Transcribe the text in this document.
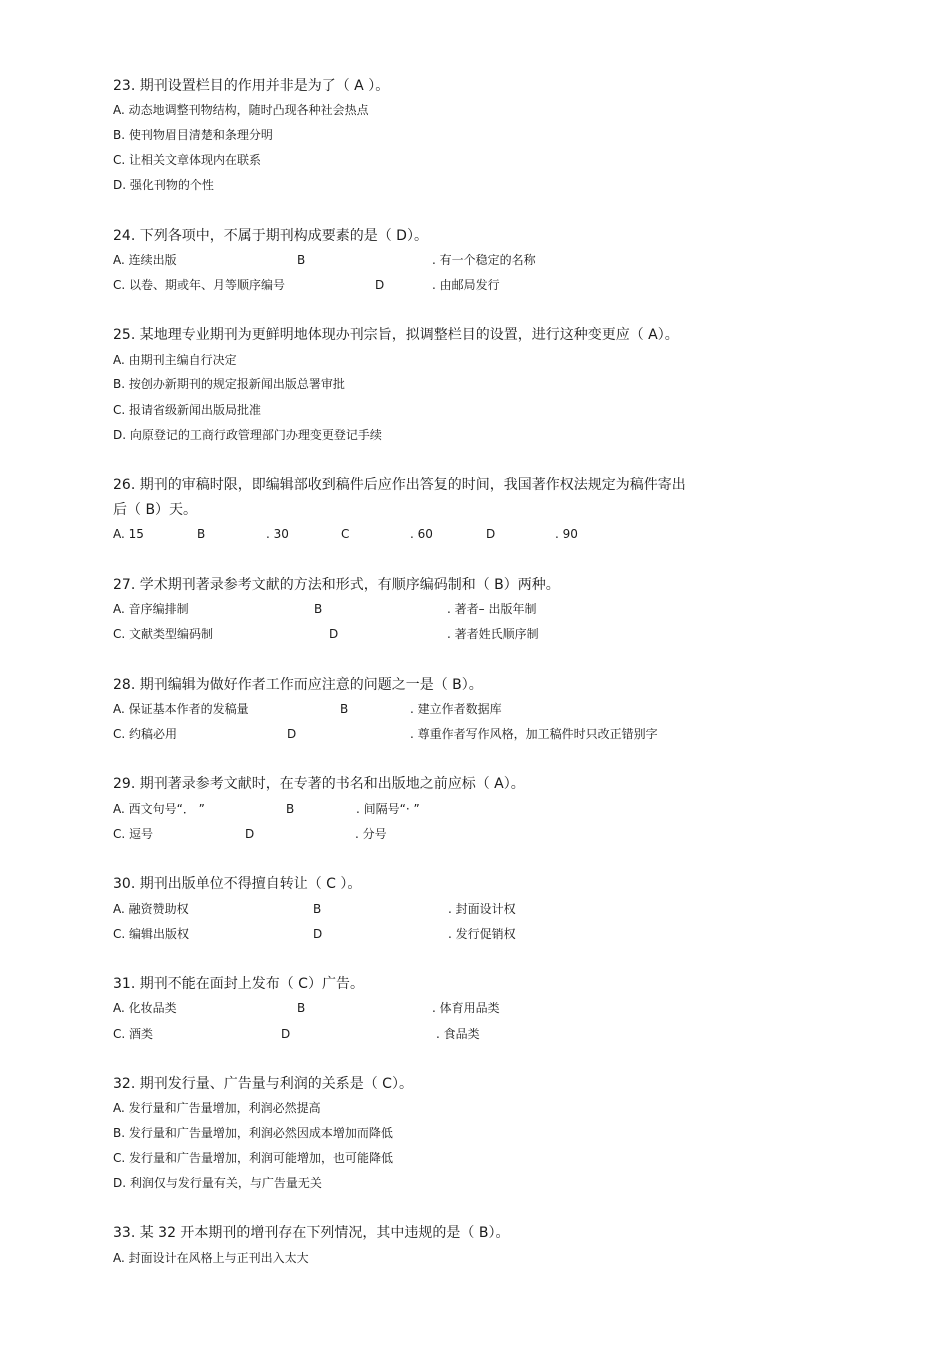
23. 期刊设置栏目的作用并非是为了（ A ）。
A. 动态地调整刊物结构，随时凸现各种社会热点
B. 使刊物眉目清楚和条理分明
C. 让相关文章体现内在联系
D. 强化刊物的个性
24. 下列各项中，不属于期刊构成要素的是（ D）。
A. 连续出版	B	. 有一个稳定的名称
C. 以卷、期或年、月等顺序编号	D	. 由邮局发行
25. 某地理专业期刊为更鲜明地体现办刊宗旨，拟调整栏目的设置，进行这种变更应（ A）。
A. 由期刊主编自行决定
B. 按创办新期刊的规定报新闻出版总署审批
C. 报请省级新闻出版局批准
D. 向原登记的工商行政管理部门办理变更登记手续
26. 期刊的审稿时限，即编辑部收到稿件后应作出答复的时间，我国著作权法规定为稿件寄出
后（ B）天。
A. 15	B	. 30	C	. 60	D	. 90
27. 学术期刊著录参考文献的方法和形式，有顺序编码制和（ B）两种。
A. 音序编排制	B	. 著者– 出版年制
C. 文献类型编码制	D	. 著者姓氏顺序制
28. 期刊编辑为做好作者工作而应注意的问题之一是（ B）。
A. 保证基本作者的发稿量	B	. 建立作者数据库
C. 约稿必用	D	. 尊重作者写作风格，加工稿件时只改正错别字
29. 期刊著录参考文献时，在专著的书名和出版地之前应标（ A）。
A. 西文句号“． ”	B	. 间隔号“· ”
C. 逗号	D	. 分号
30. 期刊出版单位不得擅自转让（ C ）。
A. 融资赞助权	B	. 封面设计权
C. 编辑出版权	D	. 发行促销权
31. 期刊不能在面封上发布（ C）广告。
A. 化妆品类	B	. 体育用品类
C. 酒类	D	. 食品类
32. 期刊发行量、广告量与利润的关系是（ C）。
A. 发行量和广告量增加，利润必然提高
B. 发行量和广告量增加，利润必然因成本增加而降低
C. 发行量和广告量增加，利润可能增加，也可能降低
D. 利润仅与发行量有关，与广告量无关
33. 某 32 开本期刊的增刊存在下列情况，其中违规的是（ B）。
A. 封面设计在风格上与正刊出入太大
